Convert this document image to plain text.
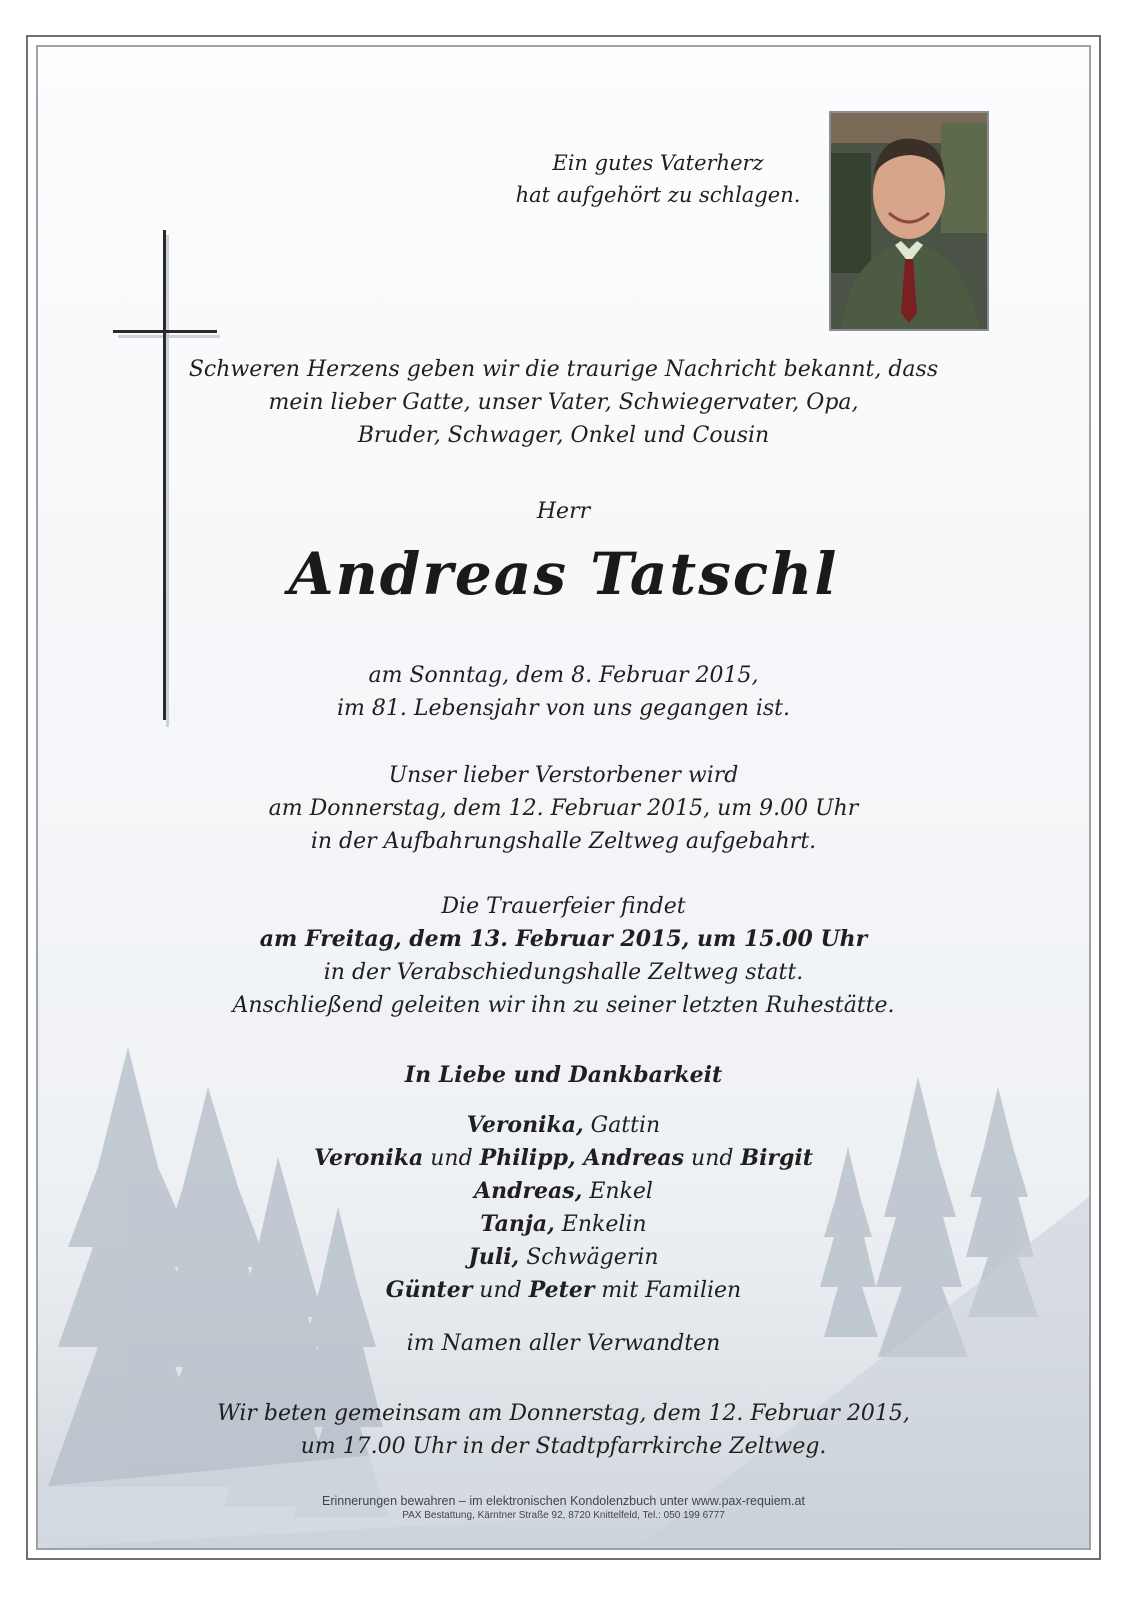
Ein gutes Vaterherz
hat aufgehört zu schlagen.
Schweren Herzens geben wir die traurige Nachricht bekannt, dass
mein lieber Gatte, unser Vater, Schwiegervater, Opa,
Bruder, Schwager, Onkel und Cousin
Herr
Andreas Tatschl
am Sonntag, dem 8. Februar 2015,
im 81. Lebensjahr von uns gegangen ist.
Unser lieber Verstorbener wird
am Donnerstag, dem 12. Februar 2015, um 9.00 Uhr
in der Aufbahrungshalle Zeltweg aufgebahrt.
Die Trauerfeier findet
am Freitag, dem 13. Februar 2015, um 15.00 Uhr
in der Verabschiedungshalle Zeltweg statt.
Anschließend geleiten wir ihn zu seiner letzten Ruhestätte.
In Liebe und Dankbarkeit
Veronika, Gattin
Veronika und Philipp, Andreas und Birgit
Andreas, Enkel
Tanja, Enkelin
Juli, Schwägerin
Günter und Peter mit Familien
im Namen aller Verwandten
Wir beten gemeinsam am Donnerstag, dem 12. Februar 2015,
um 17.00 Uhr in der Stadtpfarrkirche Zeltweg.
Erinnerungen bewahren – im elektronischen Kondolenzbuch unter www.pax-requiem.at
PAX Bestattung, Kärntner Straße 92, 8720 Knittelfeld, Tel.: 050 199 6777
